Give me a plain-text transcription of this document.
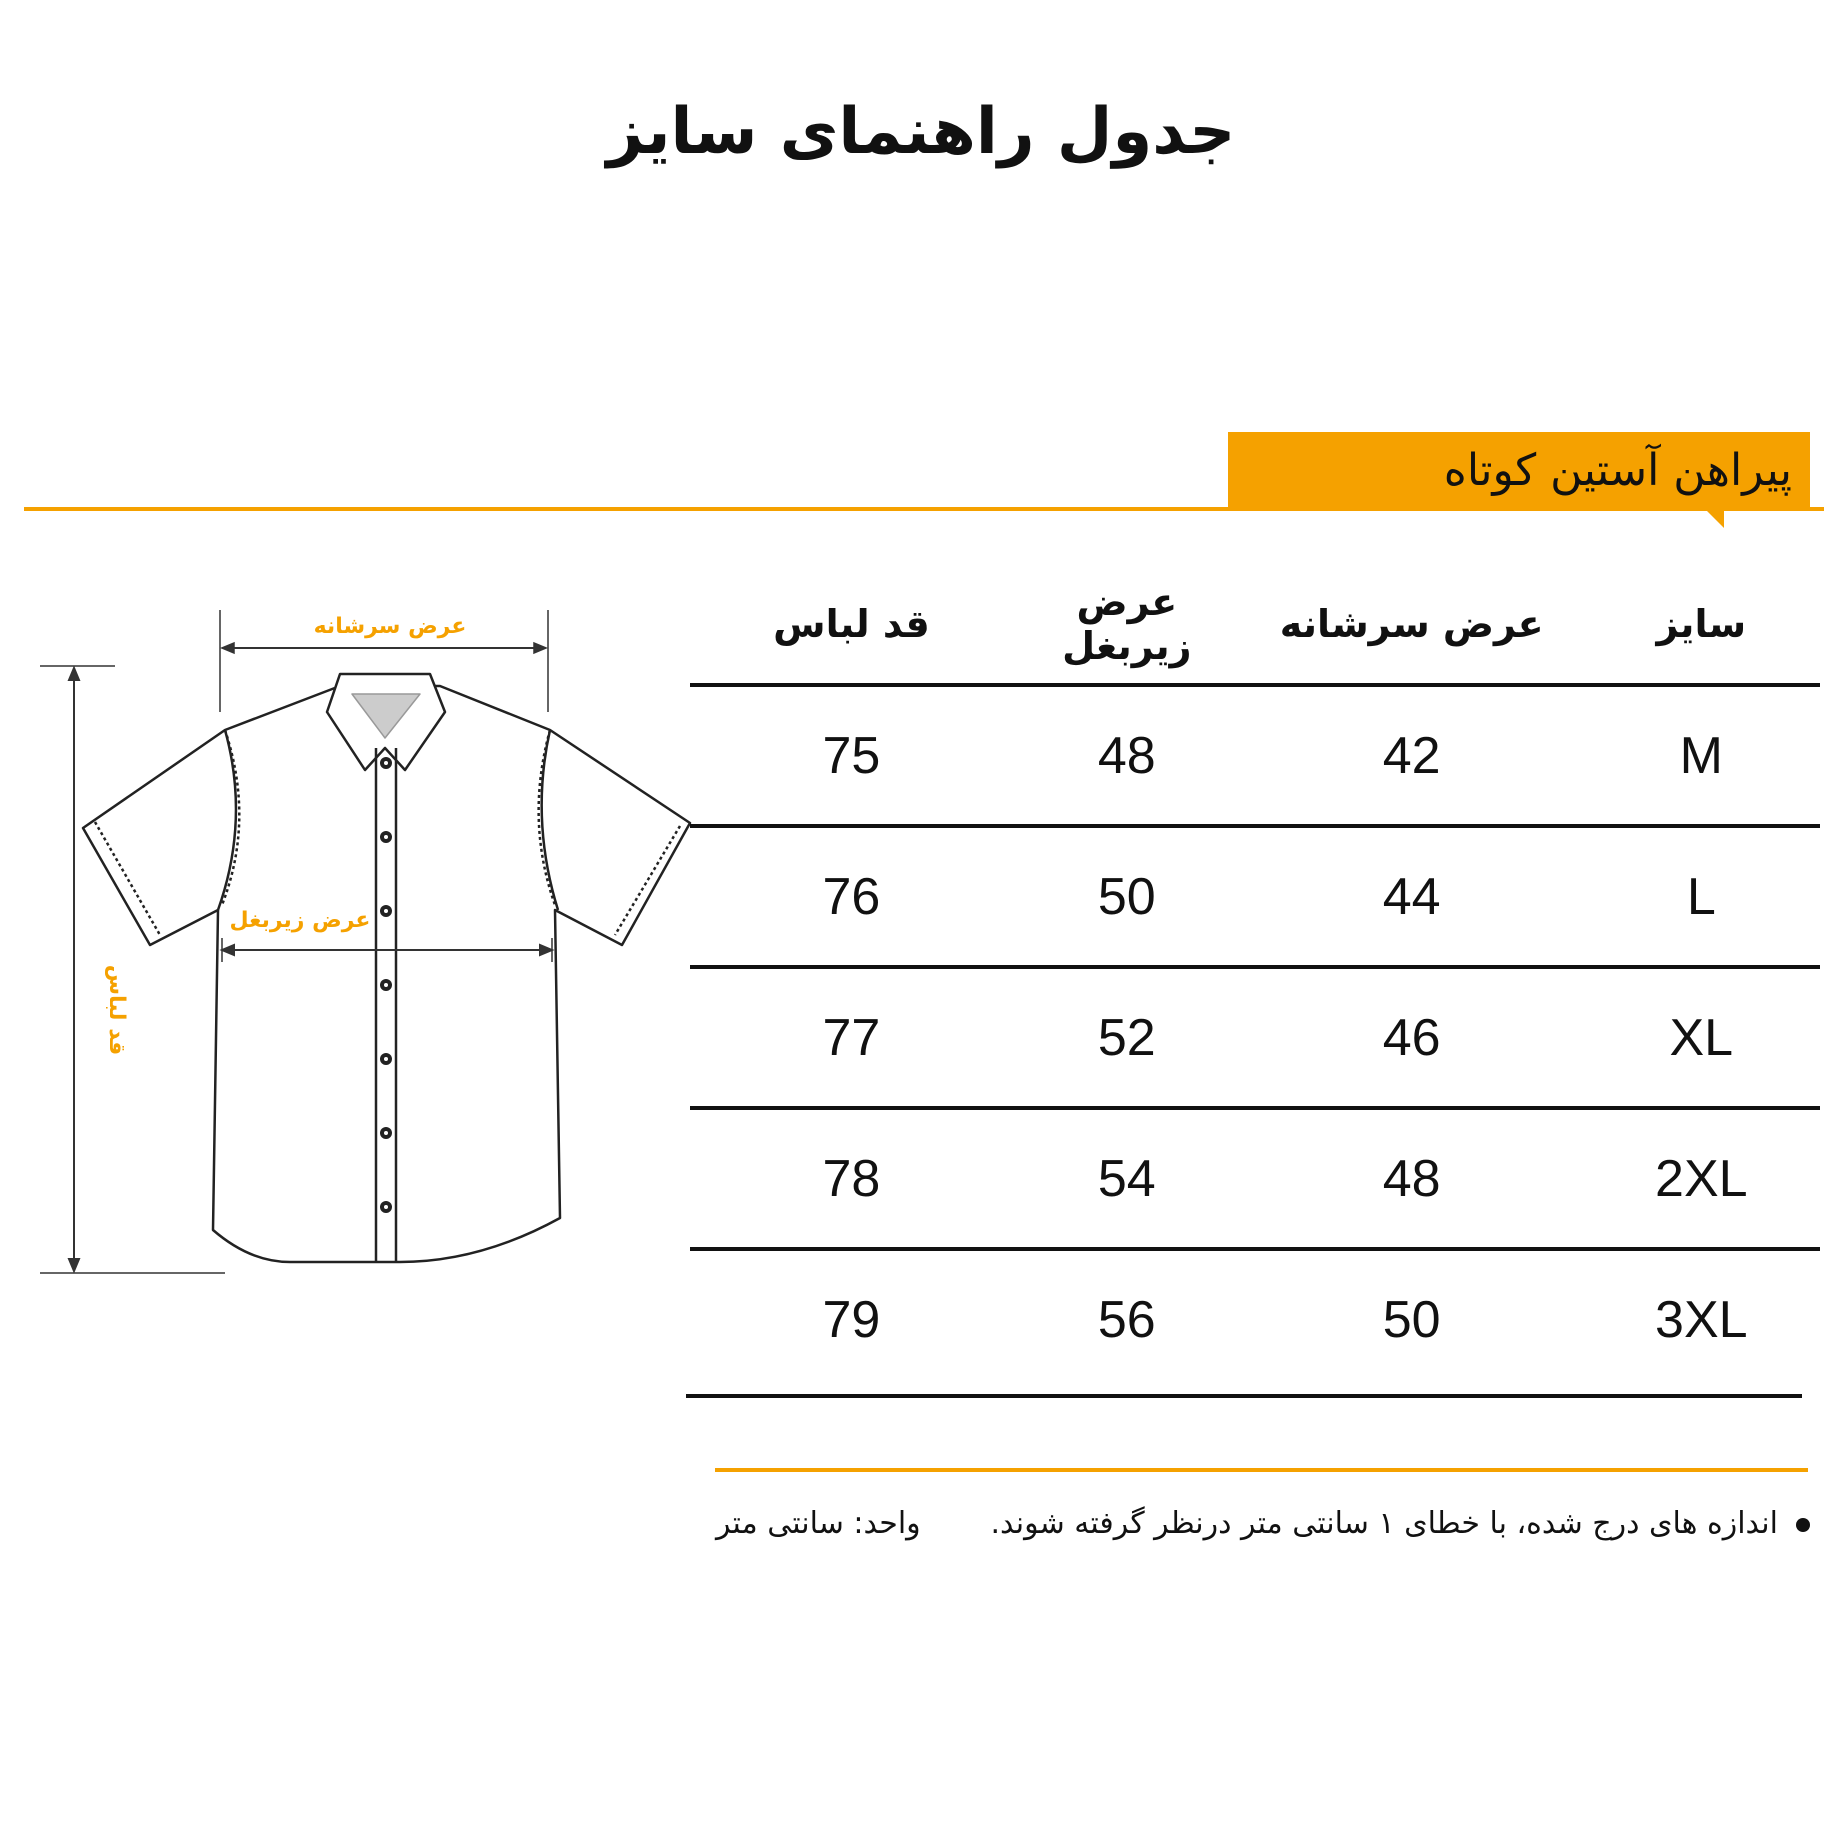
جدول راهنمای سایز
پیراهن آستین کوتاه
عرض سرشانه
عرض زیربغل
قد لباس
سایز
عرض سرشانه
عرض زیربغل
قد لباس
M
42
48
75
L
44
50
76
XL
46
52
77
2XL
48
54
78
3XL
50
56
79
اندازه های درج شده، با خطای ۱ سانتی متر درنظر گرفته شوند.
واحد: سانتی متر
